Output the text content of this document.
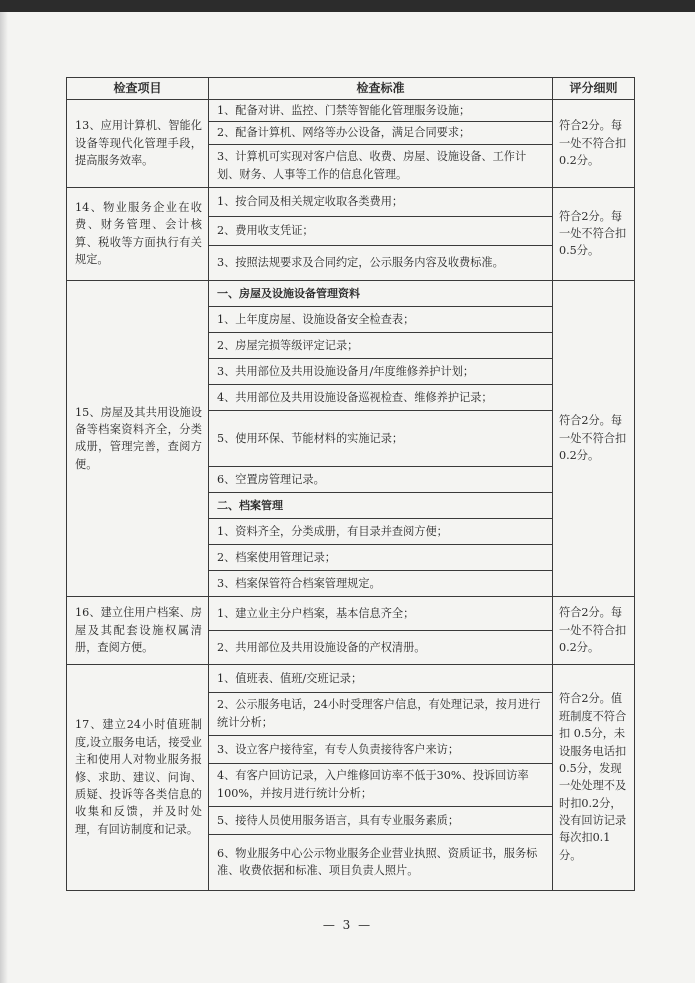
检查项目	检查标准	评分细则
13、应用计算机、智能化设备等现代化管理手段，提高服务效率。	1、配备对讲、监控、门禁等智能化管理服务设施；	符合2分。每一处不符合扣 0.2分。
	2、配备计算机、网络等办公设备，满足合同要求；	
	3、计算机可实现对客户信息、收费、房屋、设施设备、工作计划、财务、人事等工作的信息化管理。	
14、物业服务企业在收费、财务管理、会计核算、税收等方面执行有关规定。	1、按合同及相关规定收取各类费用；	符合2分。每一处不符合扣 0.5分。
	2、费用收支凭证；	
	3、按照法规要求及合同约定，公示服务内容及收费标准。	
15、房屋及其共用设施设备等档案资料齐全，分类成册，管理完善，查阅方便。	一、房屋及设施设备管理资料	符合2分。每一处不符合扣 0.2分。
	1、上年度房屋、设施设备安全检查表；	
	2、房屋完损等级评定记录；	
	3、共用部位及共用设施设备月/年度维修养护计划；	
	4、共用部位及共用设施设备巡视检查、维修养护记录；	
	5、使用环保、节能材料的实施记录；	
	6、空置房管理记录。	
	二、档案管理	
	1、资料齐全，分类成册，有目录并查阅方便；	
	2、档案使用管理记录；	
	3、档案保管符合档案管理规定。	
16、建立住用户档案、房屋及其配套设施权属清册，查阅方便。	1、建立业主分户档案，基本信息齐全；	符合2分。每一处不符合扣0.2分。
	2、共用部位及共用设施设备的产权清册。	
17、建立24小时值班制度,设立服务电话，接受业主和使用人对物业服务报修、求助、建议、问询、质疑、投诉等各类信息的收集和反馈，并及时处理，有回访制度和记录。	1、值班表、值班/交班记录；	符合2分。值班制度不符合扣 0.5分，未设服务电话扣0.5分，发现一处处理不及时扣0.2分，没有回访记录每次扣0.1分。
	2、公示服务电话，24小时受理客户信息，有处理记录，按月进行统计分析；	
	3、设立客户接待室，有专人负责接待客户来访；	
	4、有客户回访记录，入户维修回访率不低于30%、投诉回访率100%，并按月进行统计分析；	
	5、接待人员使用服务语言，具有专业服务素质；	
	6、物业服务中心公示物业服务企业营业执照、资质证书，服务标准、收费依据和标准、项目负责人照片。	
— 3 —
